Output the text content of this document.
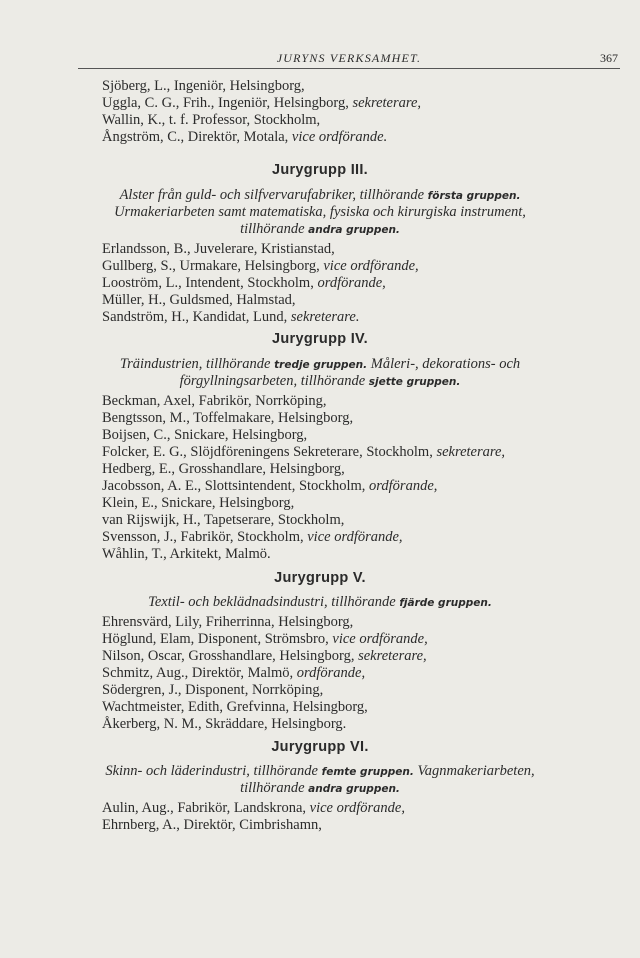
JURYNS VERKSAMHET.	367
Sjöberg, L., Ingeniör, Helsingborg,
Uggla, C. G., Frih., Ingeniör, Helsingborg, sekreterare,
Wallin, K., t. f. Professor, Stockholm,
Ångström, C., Direktör, Motala, vice ordförande.
Jurygrupp III.
Alster från guld- och silfvervarufabriker, tillhörande första gruppen.
Urmakeriarbeten samt matematiska, fysiska och kirurgiska instrument,
tillhörande andra gruppen.
Erlandsson, B., Juvelerare, Kristianstad,
Gullberg, S., Urmakare, Helsingborg, vice ordförande,
Looström, L., Intendent, Stockholm, ordförande,
Müller, H., Guldsmed, Halmstad,
Sandström, H., Kandidat, Lund, sekreterare.
Jurygrupp IV.
Träindustrien, tillhörande tredje gruppen. Måleri-, dekorations- och
förgyllningsarbeten, tillhörande sjette gruppen.
Beckman, Axel, Fabrikör, Norrköping,
Bengtsson, M., Toffelmakare, Helsingborg,
Boijsen, C., Snickare, Helsingborg,
Folcker, E. G., Slöjdföreningens Sekreterare, Stockholm, sekreterare,
Hedberg, E., Grosshandlare, Helsingborg,
Jacobsson, A. E., Slottsintendent, Stockholm, ordförande,
Klein, E., Snickare, Helsingborg,
van Rijswijk, H., Tapetserare, Stockholm,
Svensson, J., Fabrikör, Stockholm, vice ordförande,
Wåhlin, T., Arkitekt, Malmö.
Jurygrupp V.
Textil- och beklädnadsindustri, tillhörande fjärde gruppen.
Ehrensvärd, Lily, Friherrinna, Helsingborg,
Höglund, Elam, Disponent, Strömsbro, vice ordförande,
Nilson, Oscar, Grosshandlare, Helsingborg, sekreterare,
Schmitz, Aug., Direktör, Malmö, ordförande,
Södergren, J., Disponent, Norrköping,
Wachtmeister, Edith, Grefvinna, Helsingborg,
Åkerberg, N. M., Skräddare, Helsingborg.
Jurygrupp VI.
Skinn- och läderindustri, tillhörande femte gruppen. Vagnmakeriarbeten,
tillhörande andra gruppen.
Aulin, Aug., Fabrikör, Landskrona, vice ordförande,
Ehrnberg, A., Direktör, Cimbrishamn,
